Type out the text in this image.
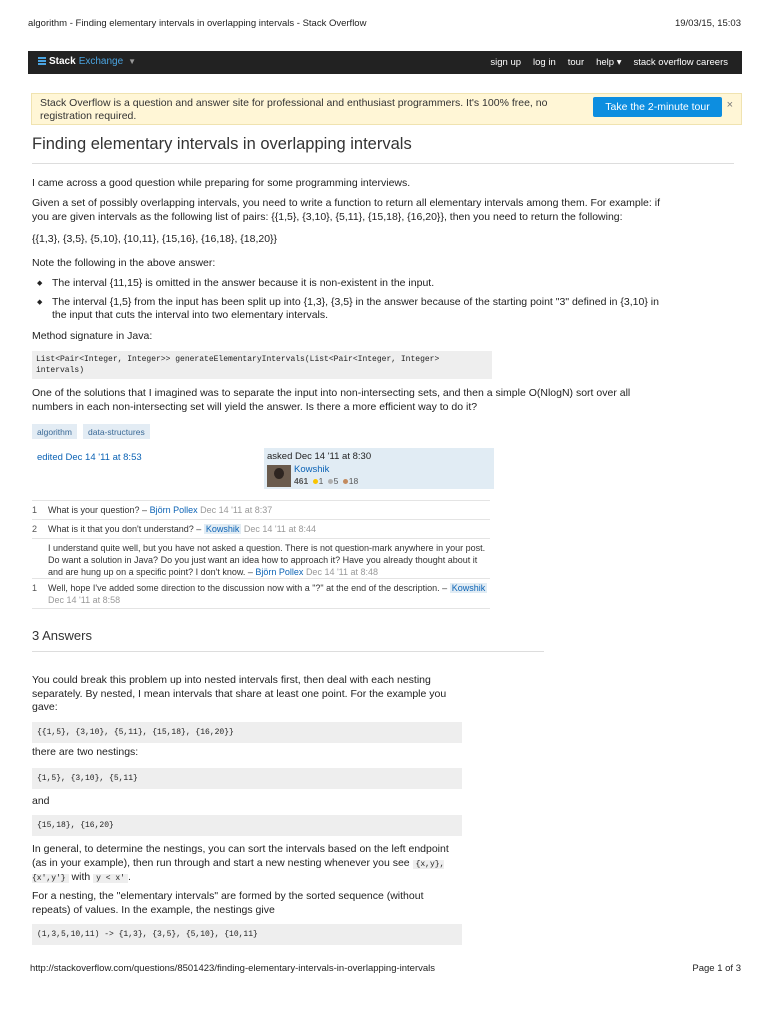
algorithm - Finding elementary intervals in overlapping intervals - Stack Overflow	19/03/15, 15:03
Stack Exchange ▼	sign up log in tour help ▾ stack overflow careers
Stack Overflow is a question and answer site for professional and enthusiast programmers. It's 100% free, no registration required.
Take the 2-minute tour	×
Finding elementary intervals in overlapping intervals
I came across a good question while preparing for some programming interviews.
Given a set of possibly overlapping intervals, you need to write a function to return all elementary intervals among them. For example: if you are given intervals as the following list of pairs: {{1,5}, {3,10}, {5,11}, {15,18}, {16,20}}, then you need to return the following:
{{1,3}, {3,5}, {5,10}, {10,11}, {15,16}, {16,18}, {18,20}}
Note the following in the above answer:
◆ The interval {11,15} is omitted in the answer because it is non-existent in the input.
◆ The interval {1,5} from the input has been split up into {1,3}, {3,5} in the answer because of the starting point "3" defined in {3,10} in the input that cuts the interval into two elementary intervals.
Method signature in Java:
List<Pair<Integer, Integer>> generateElementaryIntervals(List<Pair<Integer, Integer>
intervals)
One of the solutions that I imagined was to separate the input into non-intersecting sets, and then a simple O(NlogN) sort over all numbers in each non-intersecting set will yield the answer. Is there a more efficient way to do it?
algorithm	data-structures
edited Dec 14 '11 at 8:53	asked Dec 14 '11 at 8:30
Kowshik
461 1 5 18
1	What is your question? – Björn Pollex Dec 14 '11 at 8:37
2	What is it that you don't understand? – Kowshik Dec 14 '11 at 8:44
I understand quite well, but you have not asked a question. There is not question-mark anywhere in your post. Do want a solution in Java? Do you just want an idea how to approach it? Have you already thought about it and are hung up on a specific point? I don't know. – Björn Pollex Dec 14 '11 at 8:48
1	Well, hope I've added some direction to the discussion now with a "?" at the end of the description. – Kowshik Dec 14 '11 at 8:58
3 Answers
You could break this problem up into nested intervals first, then deal with each nesting separately. By nested, I mean intervals that share at least one point. For the example you gave:
{{1,5}, {3,10}, {5,11}, {15,18}, {16,20}}
there are two nestings:
{1,5}, {3,10}, {5,11}
and
{15,18}, {16,20}
In general, to determine the nestings, you can sort the intervals based on the left endpoint (as in your example), then run through and start a new nesting whenever you see {x,y}, {x',y'} with y < x' .
For a nesting, the "elementary intervals" are formed by the sorted sequence (without repeats) of values. In the example, the nestings give
(1,3,5,10,11) -> {1,3}, {3,5}, {5,10}, {10,11}
http://stackoverflow.com/questions/8501423/finding-elementary-intervals-in-overlapping-intervals	Page 1 of 3
